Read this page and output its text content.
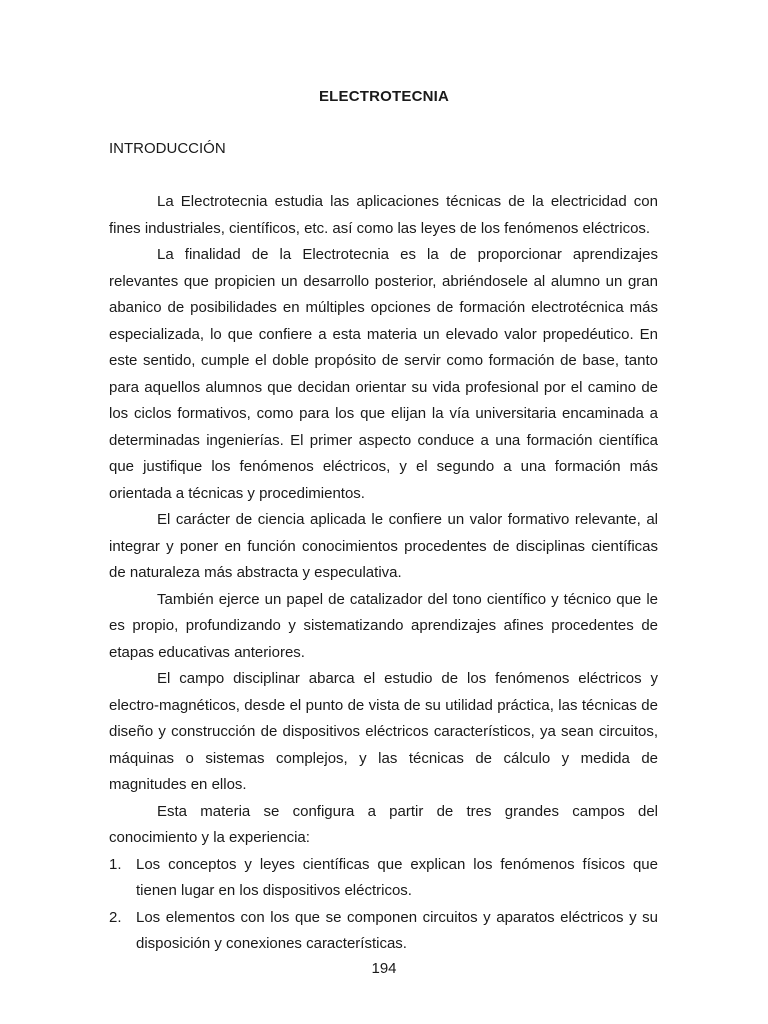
ELECTROTECNIA
INTRODUCCIÓN

La Electrotecnia estudia las aplicaciones técnicas de la electricidad con fines industriales, científicos, etc. así como las leyes de los fenómenos eléctricos.

La finalidad de la Electrotecnia es la de proporcionar aprendizajes relevantes que propicien un desarrollo posterior, abriéndosele al alumno un gran abanico de posibilidades en múltiples opciones de formación electrotécnica más especializada, lo que confiere a esta materia un elevado valor propedéutico. En este sentido, cumple el doble propósito de servir como formación de base, tanto para aquellos alumnos que decidan orientar su vida profesional por el camino de los ciclos formativos, como para los que elijan la vía universitaria encaminada a determinadas ingenierías. El primer aspecto conduce a una formación científica que justifique los fenómenos eléctricos, y el segundo a una formación más orientada a técnicas y procedimientos.

El carácter de ciencia aplicada le confiere un valor formativo relevante, al integrar y poner en función conocimientos procedentes de disciplinas científicas de naturaleza más abstracta y especulativa.

También ejerce un papel de catalizador del tono científico y técnico que le es propio, profundizando y sistematizando aprendizajes afines procedentes de etapas educativas anteriores.

El campo disciplinar abarca el estudio de los fenómenos eléctricos y electro-magnéticos, desde el punto de vista de su utilidad práctica, las técnicas de diseño y construcción de dispositivos eléctricos característicos, ya sean circuitos, máquinas o sistemas complejos, y las técnicas de cálculo y medida de magnitudes en ellos.

Esta materia se configura a partir de tres grandes campos del conocimiento y la experiencia:

1. Los conceptos y leyes científicas que explican los fenómenos físicos que tienen lugar en los dispositivos eléctricos.
2. Los elementos con los que se componen circuitos y aparatos eléctricos y su disposición y conexiones características.
194
